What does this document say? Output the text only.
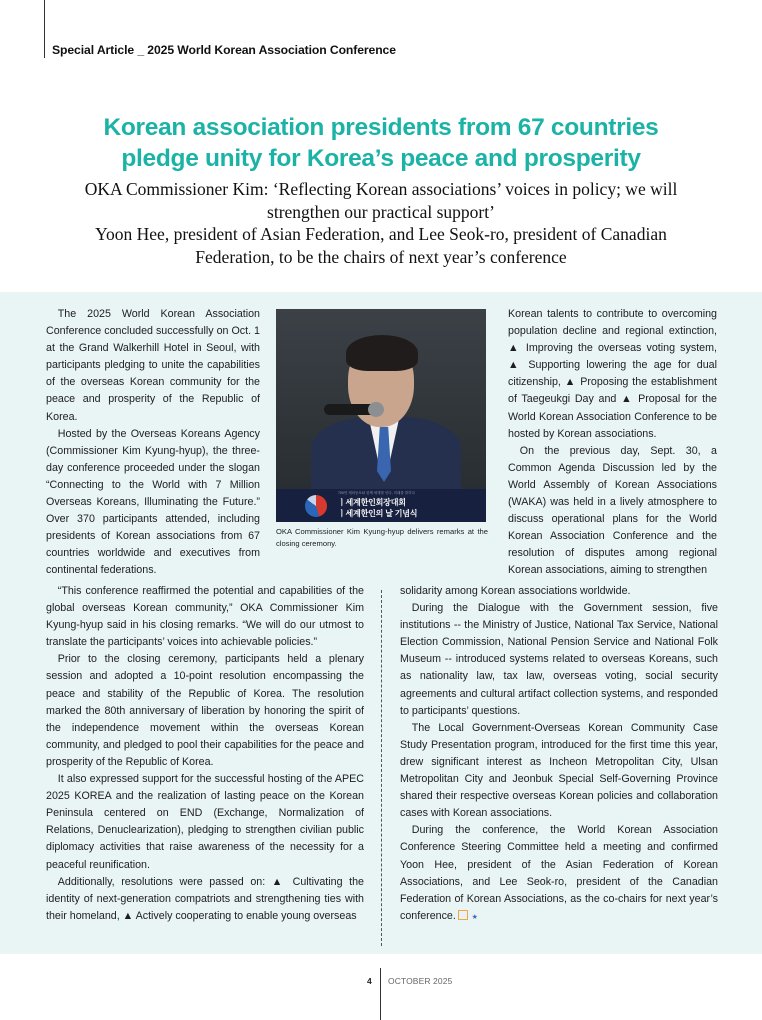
Special Article _ 2025 World Korean Association Conference
Korean association presidents from 67 countries
pledge unity for Korea’s peace and prosperity

OKA Commissioner Kim: ‘Reflecting Korean associations’ voices in policy; we will strengthen our practical support’

Yoon Hee, president of Asian Federation, and Lee Seok-ro, president of Canadian Federation, to be the chairs of next year’s conference

The 2025 World Korean Association Conference concluded successfully on Oct. 1 at the Grand Walkerhill Hotel in Seoul, with participants pledging to unite the capabilities of the overseas Korean community for the peace and prosperity of the Republic of Korea.

Hosted by the Overseas Koreans Agency (Commissioner Kim Kyung-hyup), the three-day conference proceeded under the slogan “Connecting to the World with 7 Million Overseas Koreans, Illuminating the Future.” Over 370 participants attended, including presidents of Korean associations from 67 countries worldwide and executives from continental federations.

700만 재외동포와 함께 세계를 잇다, 미래를 밝히다
ㅣ세계한인회장대회
ㅣ세계한인의 날 기념식
OKA Commissioner Kim Kyung-hyup delivers remarks at the closing ceremony.

Korean talents to contribute to overcoming population decline and regional extinction, ▲ Improving the overseas voting system, ▲ Supporting lowering the age for dual citizenship, ▲ Proposing the establishment of Taegeukgi Day and ▲ Proposal for the World Korean Association Conference to be hosted by Korean associations.

On the previous day, Sept. 30, a Common Agenda Discussion led by the World Assembly of Korean Associations (WAKA) was held in a lively atmosphere to discuss operational plans for the World Korean Association Conference and the resolution of disputes among regional Korean associations, aiming to strengthen

“This conference reaffirmed the potential and capabilities of the global overseas Korean community,” OKA Commissioner Kim Kyung-hyup said in his closing remarks. “We will do our utmost to translate the participants’ voices into achievable policies.”

Prior to the closing ceremony, participants held a plenary session and adopted a 10-point resolution encompassing the peace and stability of the Republic of Korea. The resolution marked the 80th anniversary of liberation by honoring the spirit of the independence movement within the overseas Korean community, and pledged to pool their capabilities for the peace and prosperity of the Republic of Korea.

It also expressed support for the successful hosting of the APEC 2025 KOREA and the realization of lasting peace on the Korean Peninsula centered on END (Exchange, Normalization of Relations, Denuclearization), pledging to strengthen civilian public diplomacy activities that raise awareness of the necessity for a peaceful reunification.

Additionally, resolutions were passed on: ▲ Cultivating the identity of next-generation compatriots and strengthening ties with their homeland, ▲ Actively cooperating to enable young overseas

solidarity among Korean associations worldwide.

During the Dialogue with the Government session, five institutions -- the Ministry of Justice, National Tax Service, National Election Commission, National Pension Service and National Folk Museum -- introduced systems related to overseas Koreans, such as nationality law, tax law, overseas voting, social security agreements and cultural artifact collection systems, and responded to participants’ questions.

The Local Government-Overseas Korean Community Case Study Presentation program, introduced for the first time this year, drew significant interest as Incheon Metropolitan City, Ulsan Metropolitan City and Jeonbuk Special Self-Governing Province shared their respective overseas Korean policies and collaboration cases with Korean associations.

During the conference, the World Korean Association Conference Steering Committee held a meeting and confirmed Yoon Hee, president of the Asian Federation of Korean Associations, and Lee Seok-ro, president of the Canadian Federation of Korean Associations, as the co-chairs for next year’s conference.★

4 OCTOBER 2025
